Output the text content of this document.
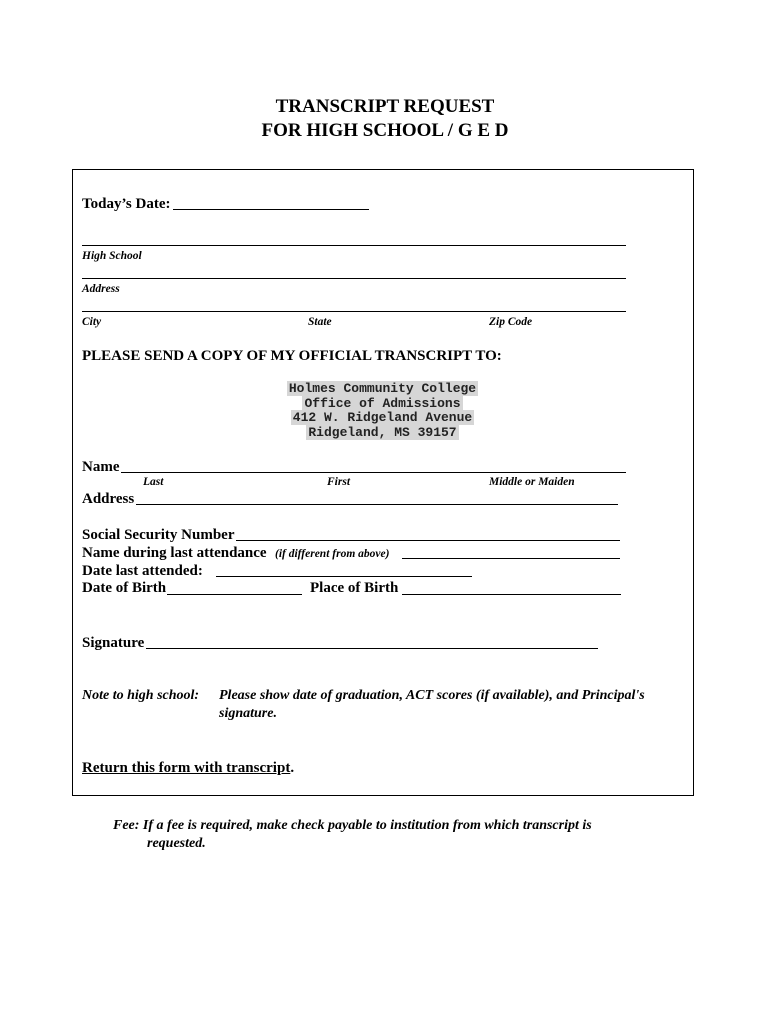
TRANSCRIPT REQUEST
FOR HIGH SCHOOL / G E D
Today’s Date:
High School
Address
City	State	Zip Code
PLEASE SEND A COPY OF MY OFFICIAL TRANSCRIPT TO:
Holmes Community College
Office of Admissions
412 W. Ridgeland Avenue
Ridgeland, MS 39157
Name
Last	First	Middle or Maiden
Address
Social Security Number
Name during last attendance (if different from above)
Date last attended:
Date of Birth	Place of Birth
Signature
Note to high school: Please show date of graduation, ACT scores (if available), and Principal's
signature.
Return this form with transcript.
Fee: If a fee is required, make check payable to institution from which transcript is
requested.
